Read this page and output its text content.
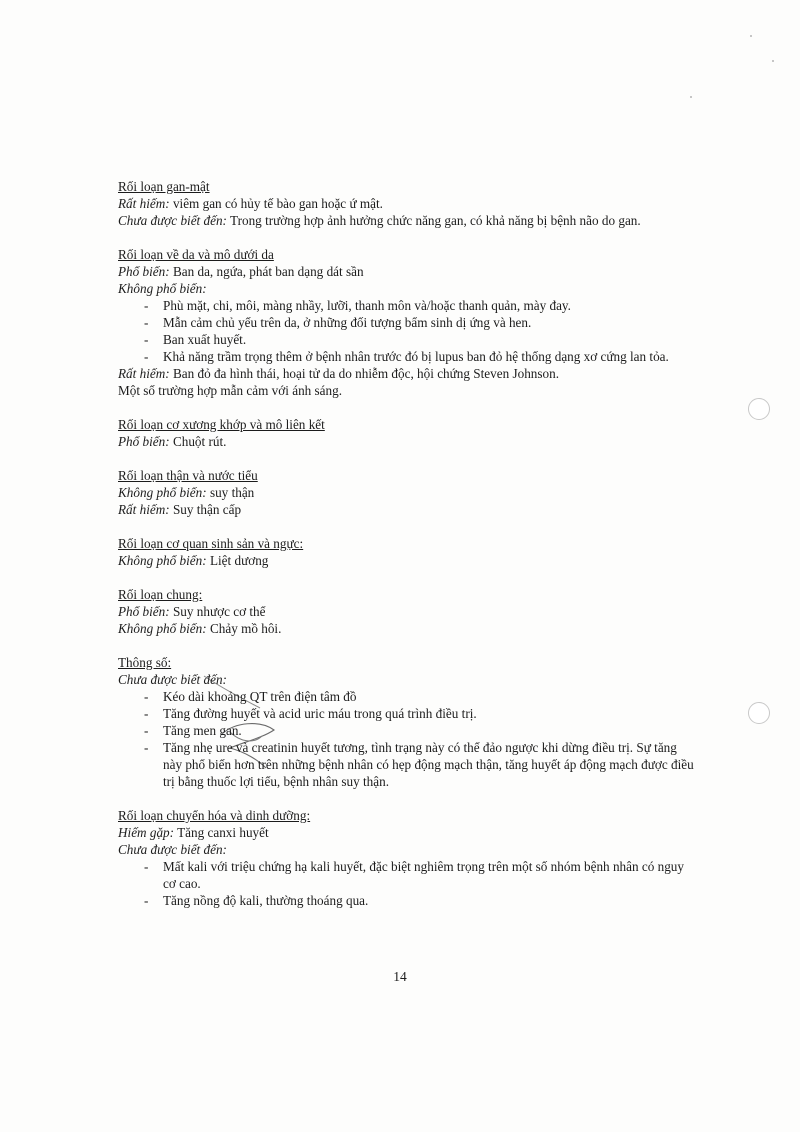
Rối loạn gan-mật
Rất hiếm: viêm gan có hủy tế bào gan hoặc ứ mật.
Chưa được biết đến: Trong trường hợp ảnh hưởng chức năng gan, có khả năng bị bệnh não do gan.
Rối loạn về da và mô dưới da
Phổ biến: Ban da, ngứa, phát ban dạng dát sần
Không phổ biến:
- Phù mặt, chi, môi, màng nhầy, lưỡi, thanh môn và/hoặc thanh quản, mày đay.
- Mẫn cảm chủ yếu trên da, ở những đối tượng bẩm sinh dị ứng và hen.
- Ban xuất huyết.
- Khả năng trầm trọng thêm ở bệnh nhân trước đó bị lupus ban đỏ hệ thống dạng xơ cứng lan tỏa.
Rất hiếm: Ban đỏ đa hình thái, hoại tử da do nhiễm độc, hội chứng Steven Johnson.
Một số trường hợp mẫn cảm với ánh sáng.
Rối loạn cơ xương khớp và mô liên kết
Phổ biến: Chuột rút.
Rối loạn thận và nước tiểu
Không phổ biến: suy thận
Rất hiếm: Suy thận cấp
Rối loạn cơ quan sinh sản và ngực:
Không phổ biến: Liệt dương
Rối loạn chung:
Phổ biến: Suy nhược cơ thể
Không phổ biến: Chảy mồ hôi.
Thông số:
Chưa được biết đến:
- Kéo dài khoảng QT trên điện tâm đồ
- Tăng đường huyết và acid uric máu trong quá trình điều trị.
- Tăng men gan.
- Tăng nhẹ ure và creatinin huyết tương, tình trạng này có thể đảo ngược khi dừng điều trị. Sự tăng này phổ biến hơn trên những bệnh nhân có hẹp động mạch thận, tăng huyết áp động mạch được điều trị bằng thuốc lợi tiểu, bệnh nhân suy thận.
Rối loạn chuyển hóa và dinh dưỡng:
Hiếm gặp: Tăng canxi huyết
Chưa được biết đến:
- Mất kali với triệu chứng hạ kali huyết, đặc biệt nghiêm trọng trên một số nhóm bệnh nhân có nguy cơ cao.
- Tăng nồng độ kali, thường thoáng qua.
14
